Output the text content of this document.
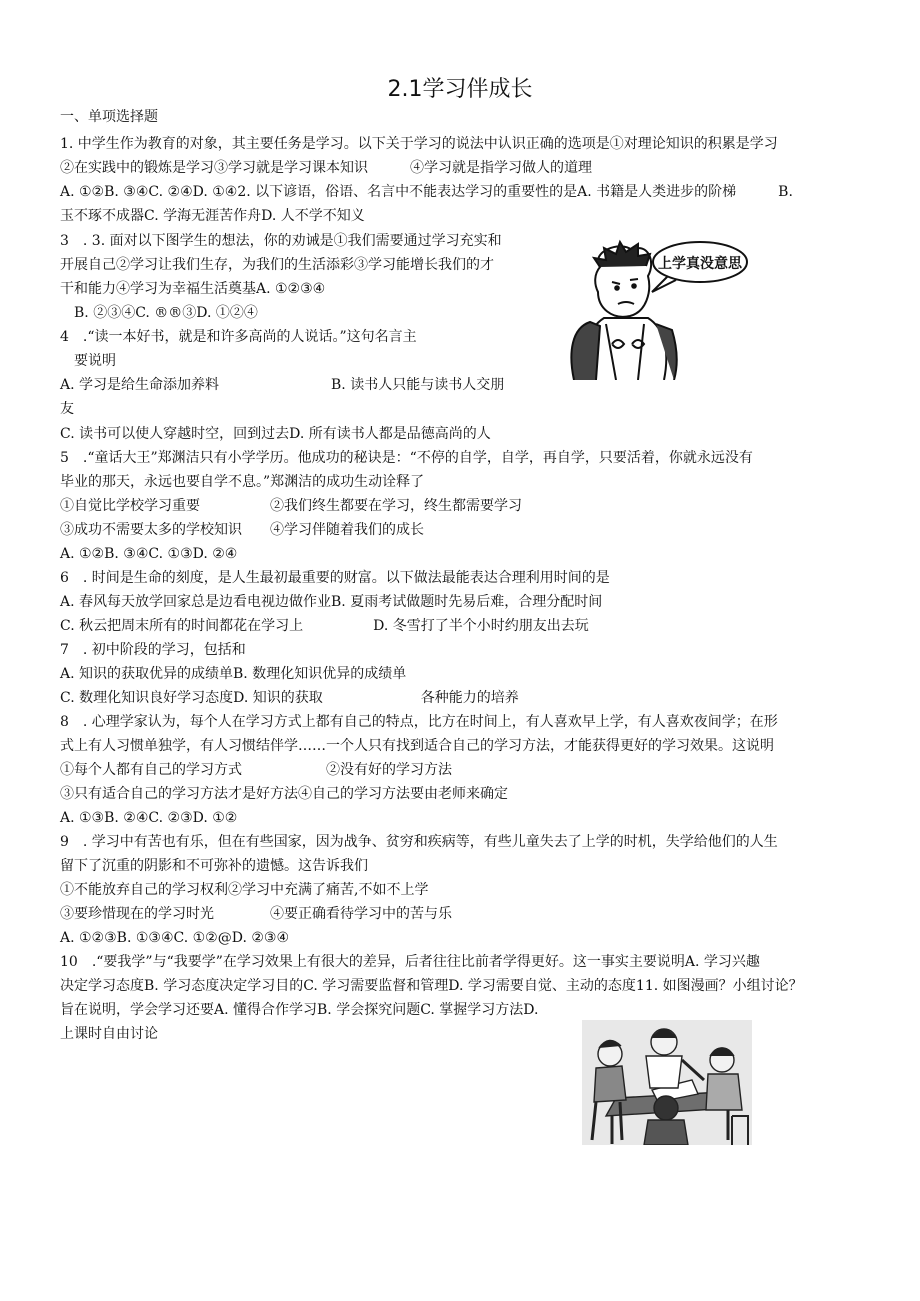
2.1学习伴成长
一、单项选择题
1. 中学生作为教育的对象，其主要任务是学习。以下关于学习的说法中认识正确的选项是①对理论知识的积累是学习
②在实践中的锻炼是学习③学习就是学习课本知识　　　④学习就是指学习做人的道理
A. ①②B. ③④C. ②④D. ①④2. 以下谚语，俗语、名言中不能表达学习的重要性的是A. 书籍是人类进步的阶梯　　　B.
玉不琢不成器C. 学海无涯苦作舟D. 人不学不知义
3　. 3. 面对以下图学生的想法，你的劝诫是①我们需要通过学习充实和
开展自己②学习让我们生存，为我们的生活添彩③学习能增长我们的才
干和能力④学习为幸福生活奠基A. ①②③④
　B. ②③④C. ®®③D. ①②④
4　.“读一本好书，就是和许多高尚的人说话。”这句名言主
　要说明
A. 学习是给生命添加养料　　　　　　　　B. 读书人只能与读书人交朋
友
C. 读书可以使人穿越时空，回到过去D. 所有读书人都是品德高尚的人
5　.“童话大王”郑渊洁只有小学学历。他成功的秘诀是：“不停的自学，自学，再自学，只要活着，你就永远没有
毕业的那天，永远也要自学不息。”郑渊洁的成功生动诠释了
①自觉比学校学习重要　　　　　②我们终生都要在学习，终生都需要学习
③成功不需要太多的学校知识　　④学习伴随着我们的成长
A. ①②B. ③④C. ①③D. ②④
6　. 时间是生命的刻度，是人生最初最重要的财富。以下做法最能表达合理利用时间的是
A. 春风每天放学回家总是边看电视边做作业B. 夏雨考试做题时先易后难，合理分配时间
C. 秋云把周末所有的时间都花在学习上　　　　　D. 冬雪打了半个小时约朋友出去玩
7　. 初中阶段的学习，包括和
A. 知识的获取优异的成绩单B. 数理化知识优异的成绩单
C. 数理化知识良好学习态度D. 知识的获取　　　　　　　各种能力的培养
8　. 心理学家认为，每个人在学习方式上都有自己的特点，比方在时间上，有人喜欢早上学，有人喜欢夜间学；在形
式上有人习惯单独学，有人习惯结伴学……一个人只有找到适合自己的学习方法，才能获得更好的学习效果。这说明
①每个人都有自己的学习方式　　　　　　②没有好的学习方法
③只有适合自己的学习方法才是好方法④自己的学习方法要由老师来确定
A. ①③B. ②④C. ②③D. ①②
9　. 学习中有苦也有乐，但在有些国家，因为战争、贫穷和疾病等，有些儿童失去了上学的时机，失学给他们的人生
留下了沉重的阴影和不可弥补的遗憾。这告诉我们
①不能放弃自己的学习权利②学习中充满了痛苦,不如不上学
③要珍惜现在的学习时光　　　　④要正确看待学习中的苦与乐
A. ①②③B. ①③④C. ①②@D. ②③④
10　.“要我学”与“我要学”在学习效果上有很大的差异，后者往往比前者学得更好。这一事实主要说明A. 学习兴趣
决定学习态度B. 学习态度决定学习目的C. 学习需要监督和管理D. 学习需要自觉、主动的态度11. 如图漫画？小组讨论？
旨在说明，学会学习还要A. 懂得合作学习B. 学会探究问题C. 掌握学习方法D.
上课时自由讨论
上学真没意思
